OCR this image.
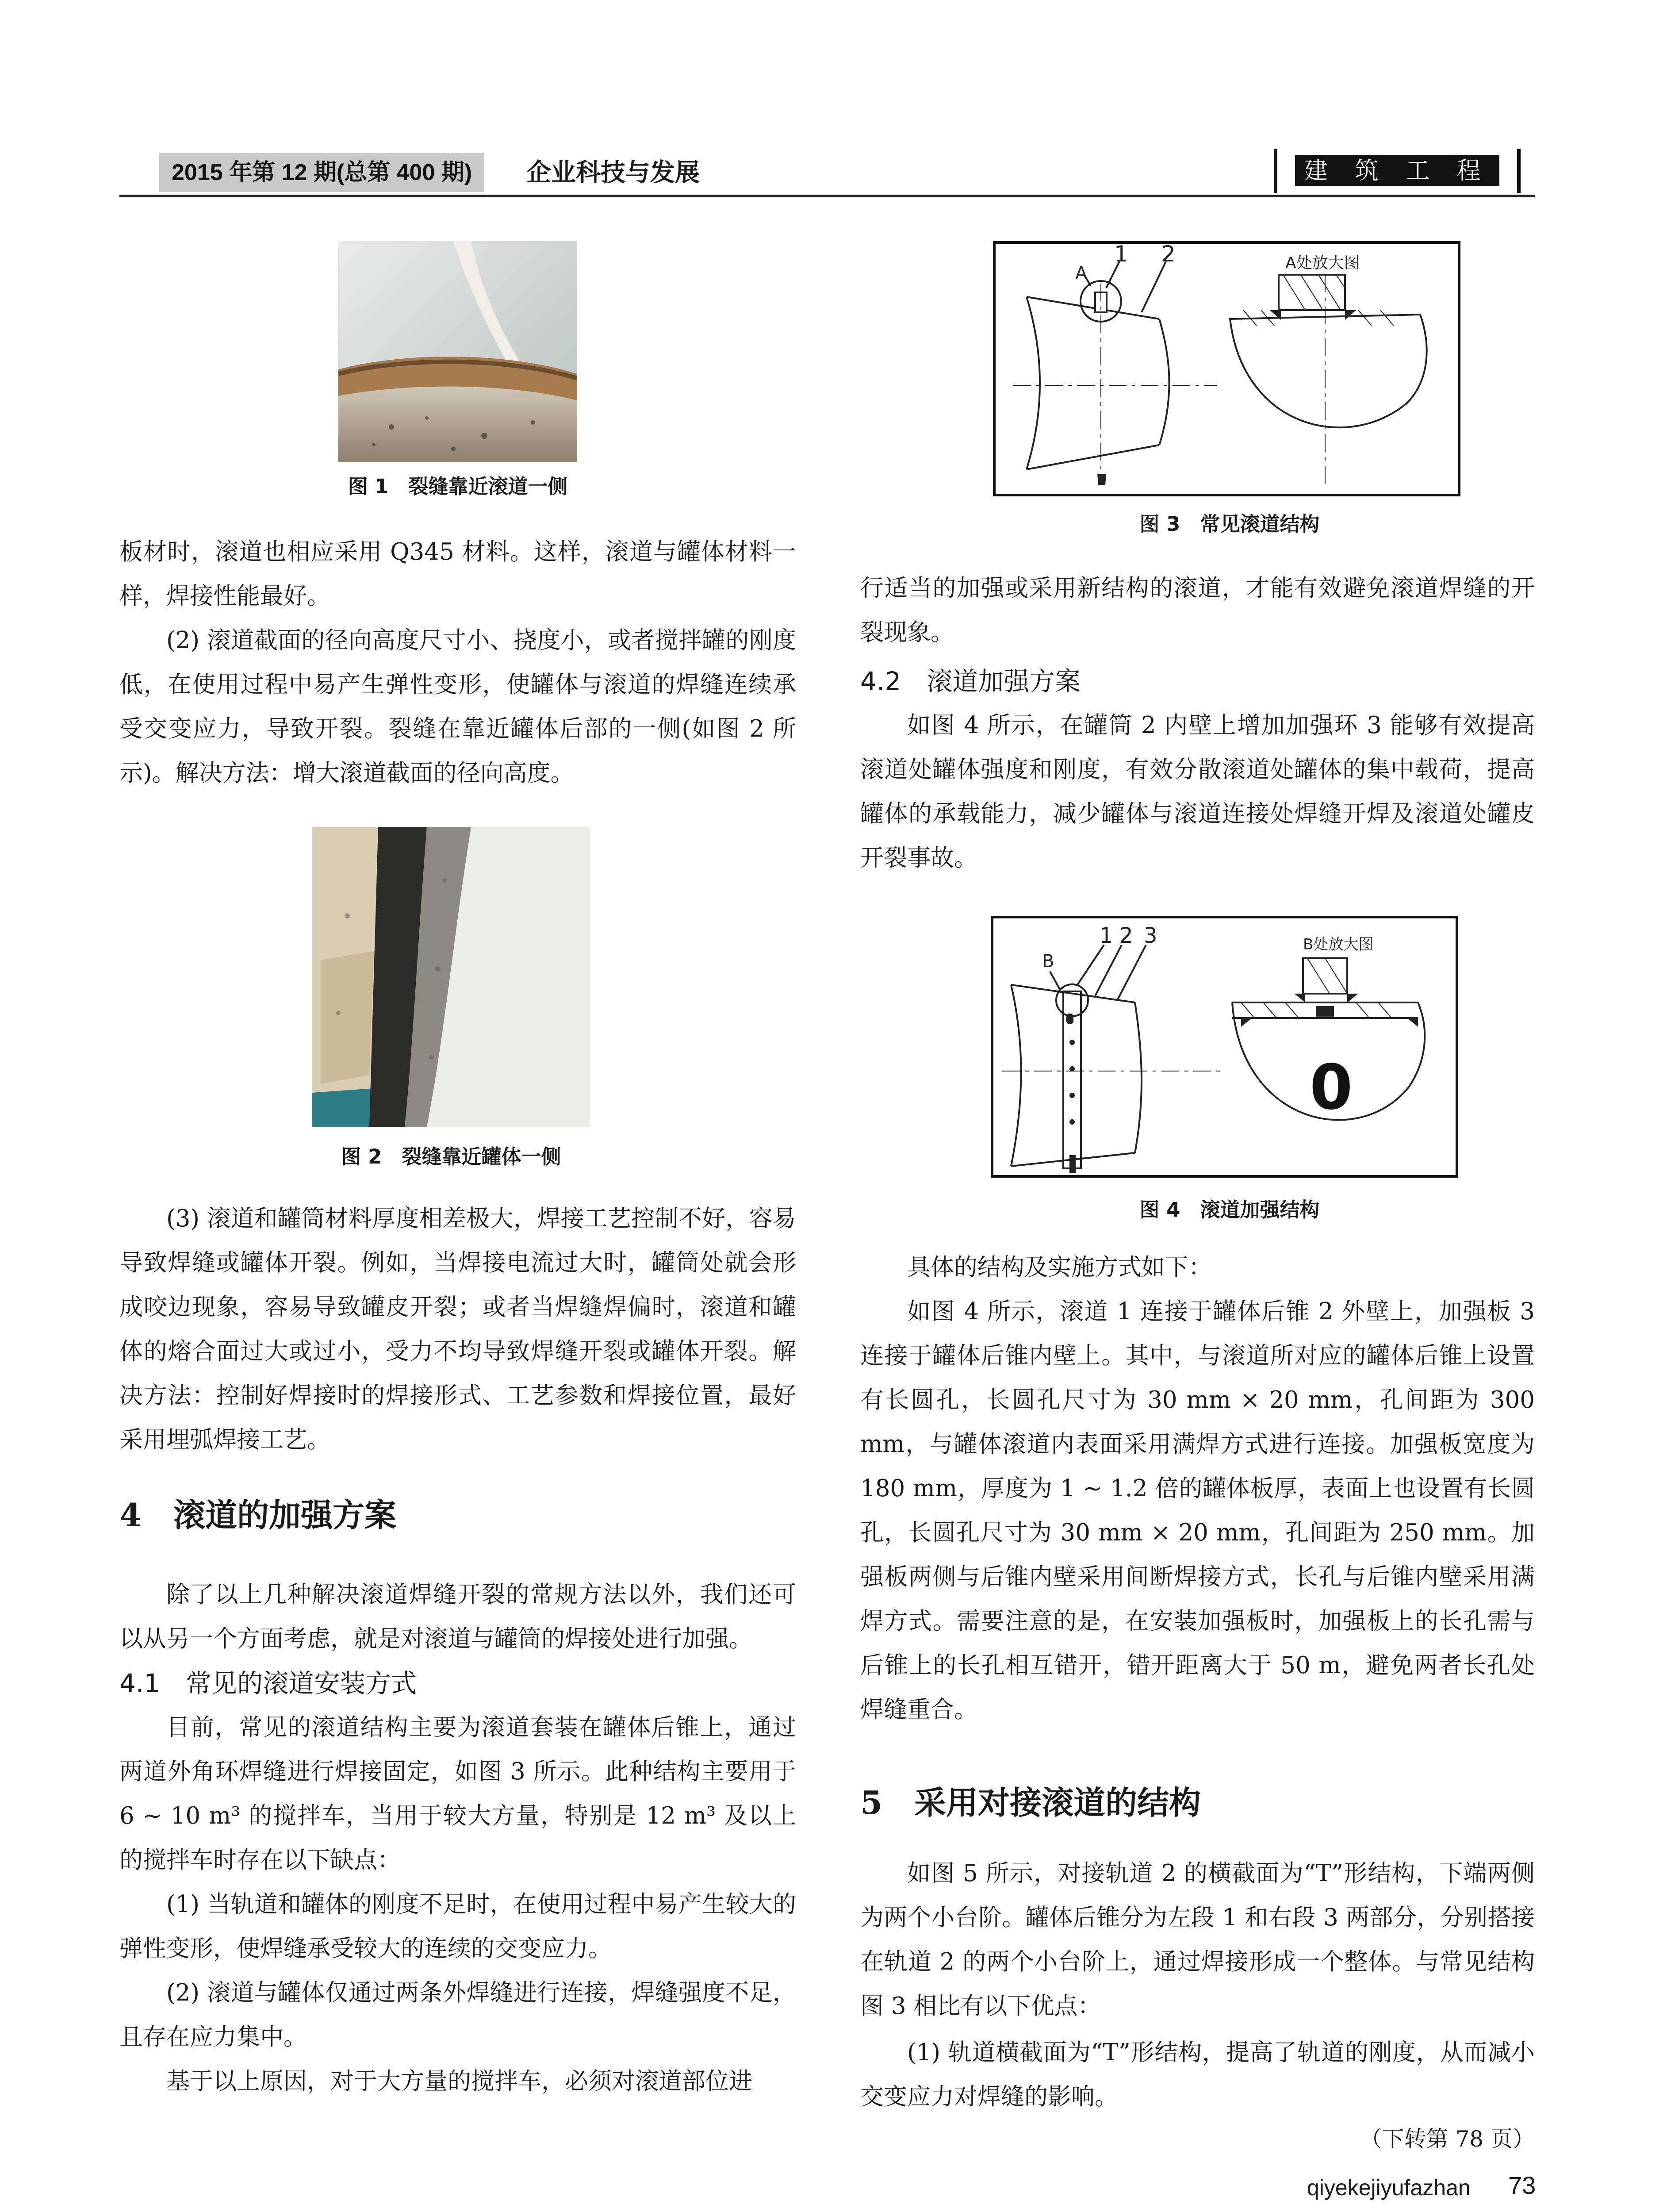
2015 年第 12 期(总第 400 期)	企业科技与发展	建 筑 工 程
图 1　裂缝靠近滚道一侧
板材时，滚道也相应采用 Q345 材料。这样，滚道与罐体材料一样，焊接性能最好。
(2) 滚道截面的径向高度尺寸小、挠度小，或者搅拌罐的刚度低，在使用过程中易产生弹性变形，使罐体与滚道的焊缝连续承受交变应力，导致开裂。裂缝在靠近罐体后部的一侧(如图 2 所示)。解决方法：增大滚道截面的径向高度。
图 2　裂缝靠近罐体一侧
(3) 滚道和罐筒材料厚度相差极大，焊接工艺控制不好，容易导致焊缝或罐体开裂。例如，当焊接电流过大时，罐筒处就会形成咬边现象，容易导致罐皮开裂；或者当焊缝焊偏时，滚道和罐体的熔合面过大或过小，受力不均导致焊缝开裂或罐体开裂。解决方法：控制好焊接时的焊接形式、工艺参数和焊接位置，最好采用埋弧焊接工艺。
4　滚道的加强方案
除了以上几种解决滚道焊缝开裂的常规方法以外，我们还可以从另一个方面考虑，就是对滚道与罐筒的焊接处进行加强。
4.1　常见的滚道安装方式
目前，常见的滚道结构主要为滚道套装在罐体后锥上，通过两道外角环焊缝进行焊接固定，如图 3 所示。此种结构主要用于 6 ~ 10 m³ 的搅拌车，当用于较大方量，特别是 12 m³ 及以上的搅拌车时存在以下缺点：
(1) 当轨道和罐体的刚度不足时，在使用过程中易产生较大的弹性变形，使焊缝承受较大的连续的交变应力。
(2) 滚道与罐体仅通过两条外焊缝进行连接，焊缝强度不足，且存在应力集中。
基于以上原因，对于大方量的搅拌车，必须对滚道部位进
A
1 2	A处放大图
图 3　常见滚道结构
行适当的加强或采用新结构的滚道，才能有效避免滚道焊缝的开裂现象。
4.2　滚道加强方案
如图 4 所示，在罐筒 2 内壁上增加加强环 3 能够有效提高滚道处罐体强度和刚度，有效分散滚道处罐体的集中载荷，提高罐体的承载能力，减少罐体与滚道连接处焊缝开焊及滚道处罐皮开裂事故。
B
1 2 3	B处放大图
0
图 4　滚道加强结构
具体的结构及实施方式如下：
如图 4 所示，滚道 1 连接于罐体后锥 2 外壁上，加强板 3 连接于罐体后锥内壁上。其中，与滚道所对应的罐体后锥上设置有长圆孔，长圆孔尺寸为 30 mm × 20 mm，孔间距为 300 mm，与罐体滚道内表面采用满焊方式进行连接。加强板宽度为 180 mm，厚度为 1 ~ 1.2 倍的罐体板厚，表面上也设置有长圆孔，长圆孔尺寸为 30 mm × 20 mm，孔间距为 250 mm。加强板两侧与后锥内壁采用间断焊接方式，长孔与后锥内壁采用满焊方式。需要注意的是，在安装加强板时，加强板上的长孔需与后锥上的长孔相互错开，错开距离大于 50 m，避免两者长孔处焊缝重合。
5　采用对接滚道的结构
如图 5 所示，对接轨道 2 的横截面为“T”形结构，下端两侧为两个小台阶。罐体后锥分为左段 1 和右段 3 两部分，分别搭接在轨道 2 的两个小台阶上，通过焊接形成一个整体。与常见结构图 3 相比有以下优点：
(1) 轨道横截面为“T”形结构，提高了轨道的刚度，从而减小交变应力对焊缝的影响。
（下转第 78 页）
qiyekejiyufazhan 73
